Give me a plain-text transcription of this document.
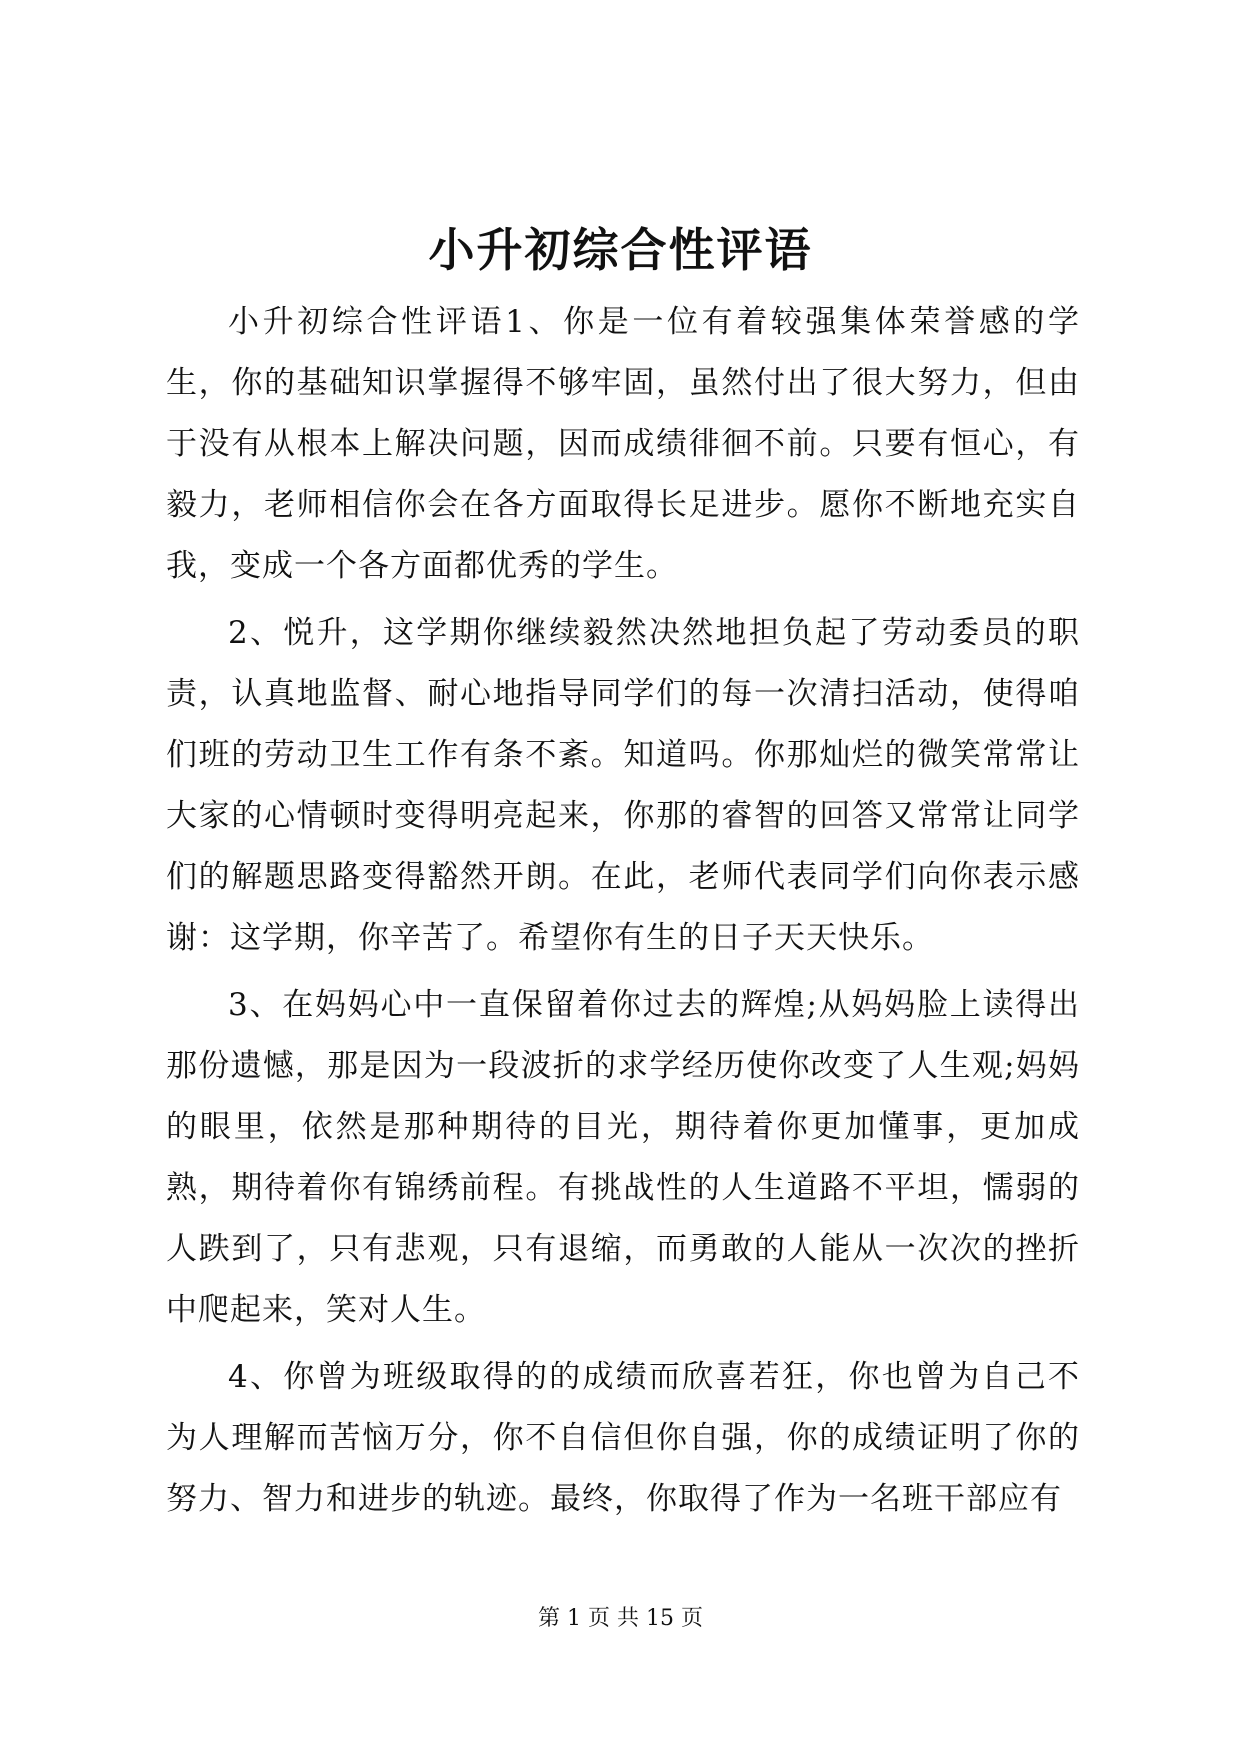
小升初综合性评语

小升初综合性评语1、你是一位有着较强集体荣誉感的学生，你的基础知识掌握得不够牢固，虽然付出了很大努力，但由于没有从根本上解决问题，因而成绩徘徊不前。只要有恒心，有毅力，老师相信你会在各方面取得长足进步。愿你不断地充实自我，变成一个各方面都优秀的学生。

2、悦升，这学期你继续毅然决然地担负起了劳动委员的职责，认真地监督、耐心地指导同学们的每一次清扫活动，使得咱们班的劳动卫生工作有条不紊。知道吗。你那灿烂的微笑常常让大家的心情顿时变得明亮起来，你那的睿智的回答又常常让同学们的解题思路变得豁然开朗。在此，老师代表同学们向你表示感谢：这学期，你辛苦了。希望你有生的日子天天快乐。

3、在妈妈心中一直保留着你过去的辉煌;从妈妈脸上读得出那份遗憾，那是因为一段波折的求学经历使你改变了人生观;妈妈的眼里，依然是那种期待的目光，期待着你更加懂事，更加成熟，期待着你有锦绣前程。有挑战性的人生道路不平坦，懦弱的人跌到了，只有悲观，只有退缩，而勇敢的人能从一次次的挫折中爬起来，笑对人生。

4、你曾为班级取得的的成绩而欣喜若狂，你也曾为自己不为人理解而苦恼万分，你不自信但你自强，你的成绩证明了你的努力、智力和进步的轨迹。最终，你取得了作为一名班干部应有

第 1 页 共 15 页
